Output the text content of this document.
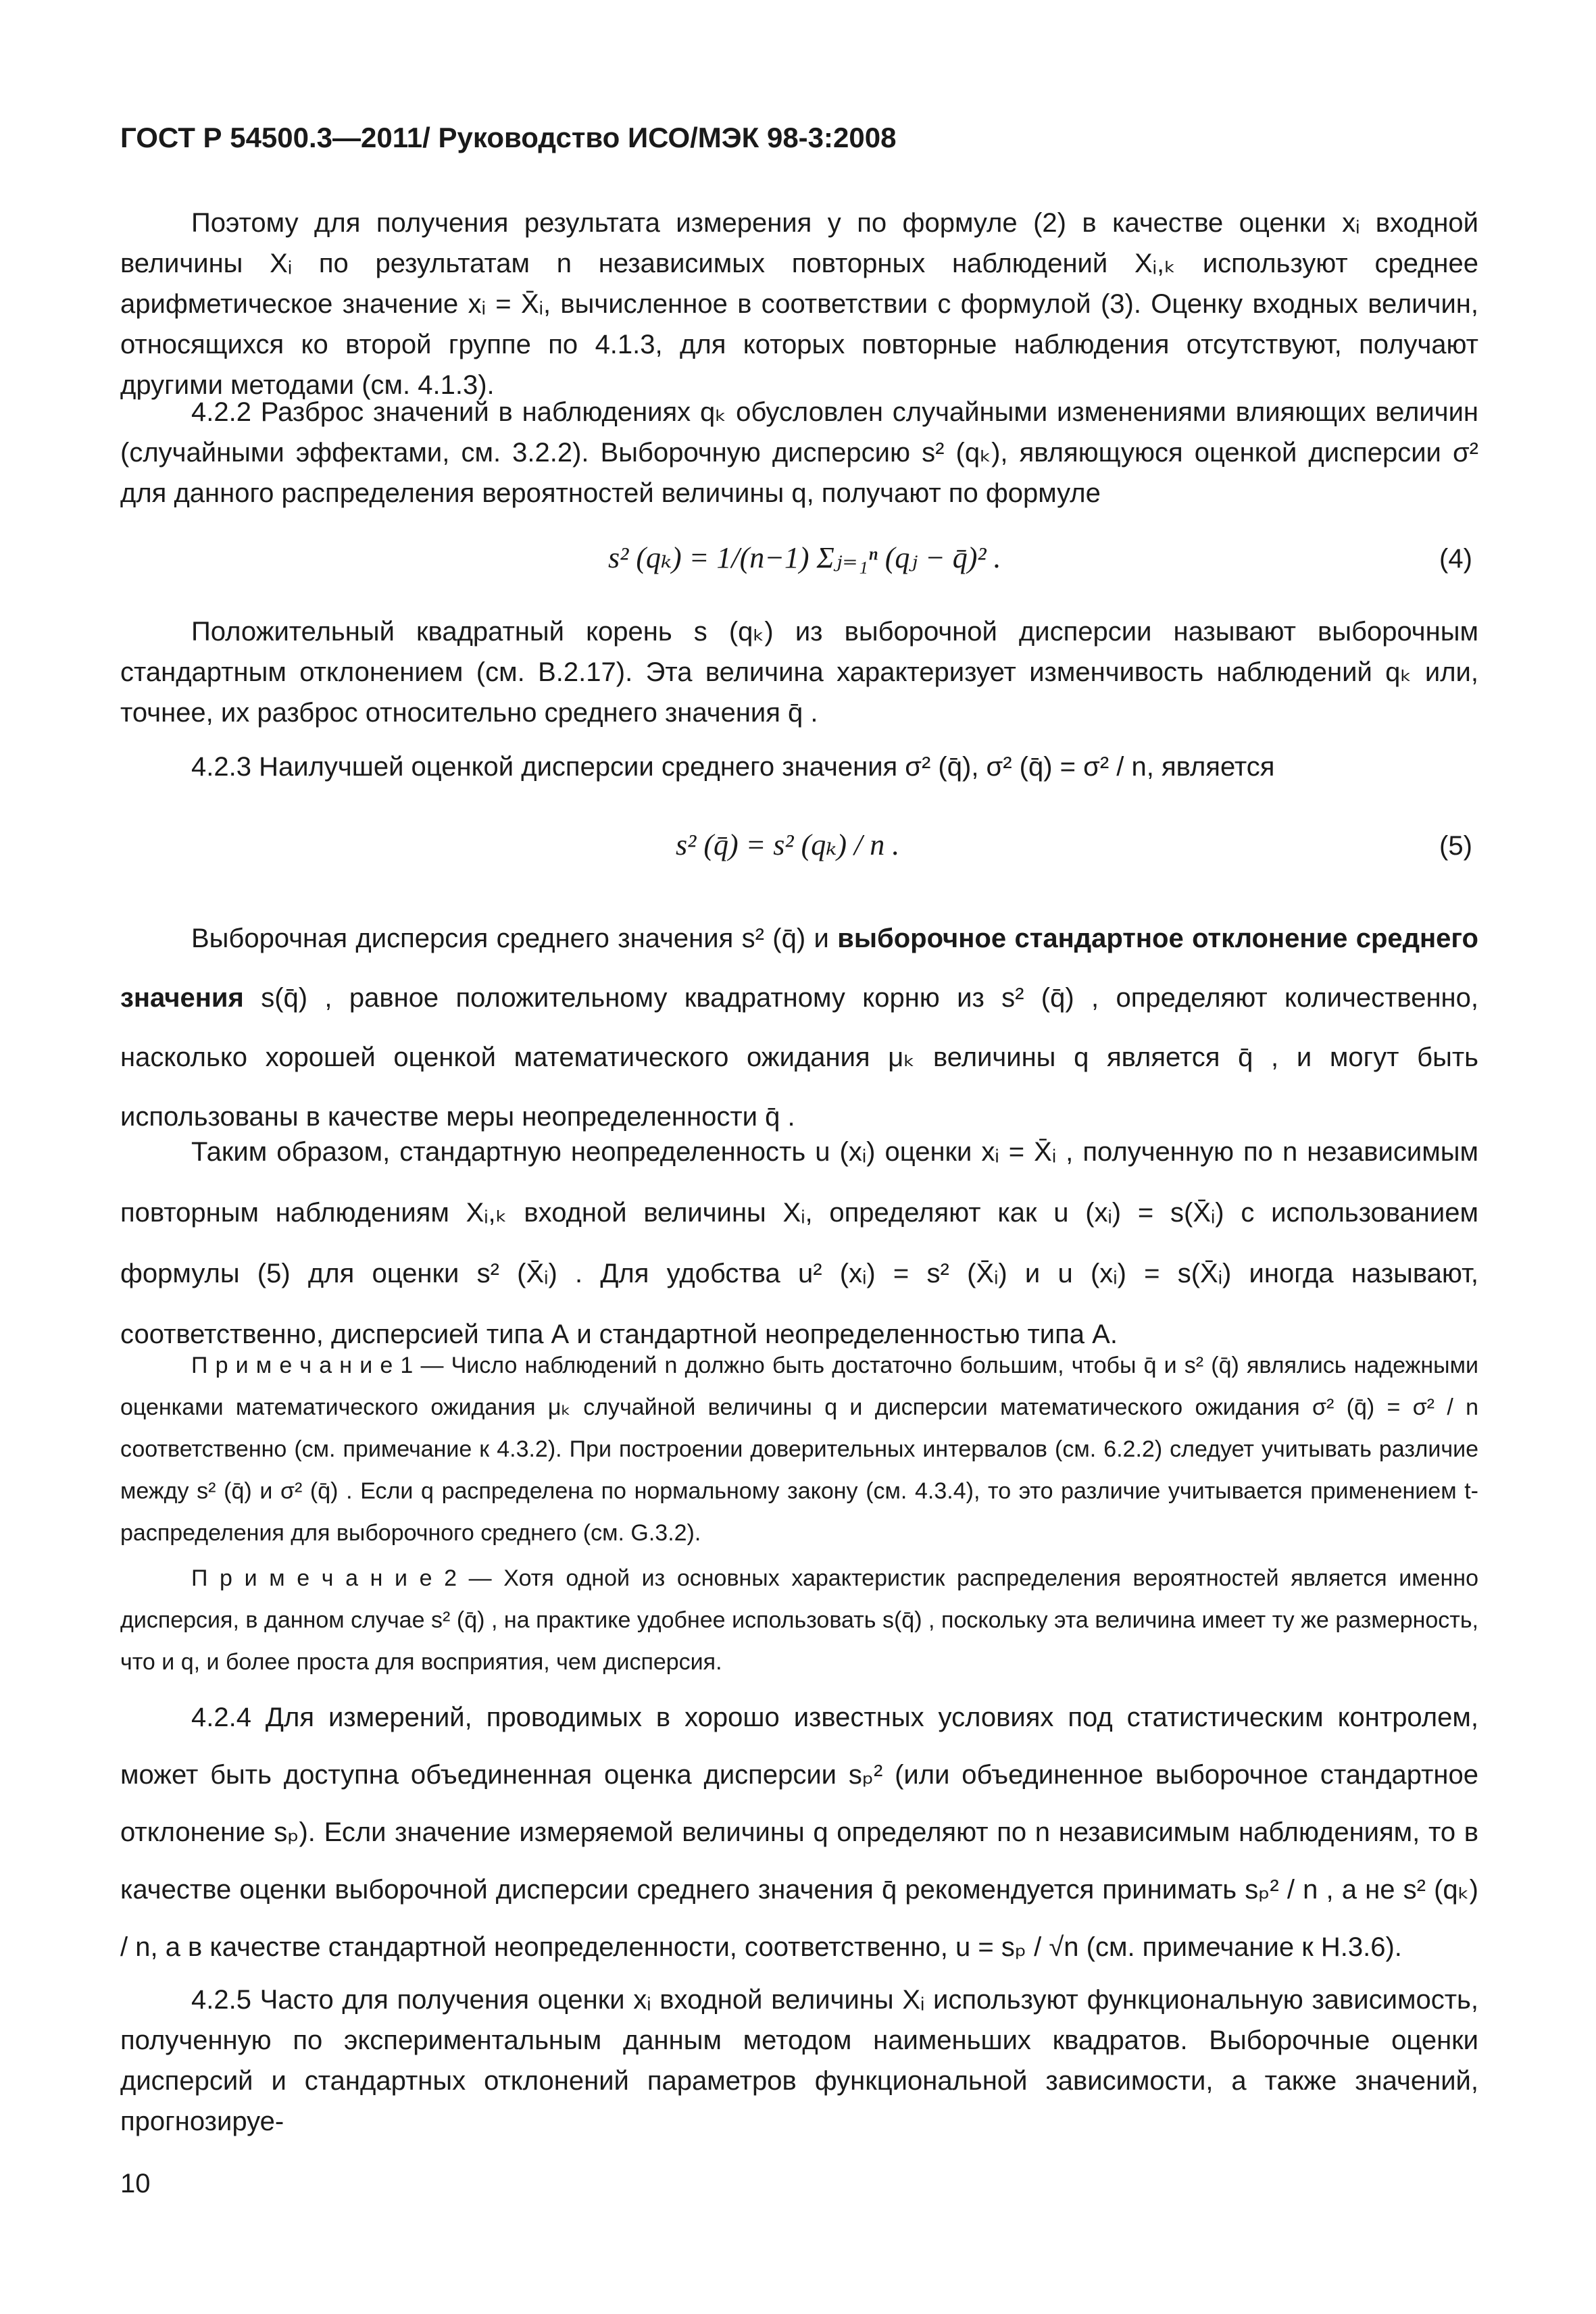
ГОСТ Р 54500.3—2011/ Руководство ИСО/МЭК 98-3:2008
Поэтому для получения результата измерения y по формуле (2) в качестве оценки xᵢ входной величины Xᵢ по результатам n независимых повторных наблюдений Xᵢ,ₖ используют среднее арифметическое значение xᵢ = X̄ᵢ, вычисленное в соответствии с формулой (3). Оценку входных величин, относящихся ко второй группе по 4.1.3, для которых повторные наблюдения отсутствуют, получают другими методами (см. 4.1.3).
4.2.2 Разброс значений в наблюдениях qₖ обусловлен случайными изменениями влияющих величин (случайными эффектами, см. 3.2.2). Выборочную дисперсию s² (qₖ), являющуюся оценкой дисперсии σ² для данного распределения вероятностей величины q, получают по формуле
s² (qₖ) = 1/(n−1) Σⱼ₌₁ⁿ (qⱼ − q̄)² .	(4)
Положительный квадратный корень s (qₖ) из выборочной дисперсии называют выборочным стандартным отклонением (см. В.2.17). Эта величина характеризует изменчивость наблюдений qₖ или, точнее, их разброс относительно среднего значения q̄ .
4.2.3 Наилучшей оценкой дисперсии среднего значения σ² (q̄), σ² (q̄) = σ² / n, является
s² (q̄) = s² (qₖ) / n .	(5)
Выборочная дисперсия среднего значения s² (q̄) и выборочное стандартное отклонение среднего значения s(q̄) , равное положительному квадратному корню из s² (q̄) , определяют количественно, насколько хорошей оценкой математического ожидания μₖ величины q является q̄ , и могут быть использованы в качестве меры неопределенности q̄ .
Таким образом, стандартную неопределенность u (xᵢ) оценки xᵢ = X̄ᵢ , полученную по n независимым повторным наблюдениям Xᵢ,ₖ входной величины Xᵢ, определяют как u (xᵢ) = s(X̄ᵢ) с использованием формулы (5) для оценки s² (X̄ᵢ) . Для удобства u² (xᵢ) = s² (X̄ᵢ) и u (xᵢ) = s(X̄ᵢ) иногда называют, соответственно, дисперсией типа А и стандартной неопределенностью типа А.
П р и м е ч а н и е 1 — Число наблюдений n должно быть достаточно большим, чтобы q̄ и s² (q̄) являлись надежными оценками математического ожидания μₖ случайной величины q и дисперсии математического ожидания σ² (q̄) = σ² / n соответственно (см. примечание к 4.3.2). При построении доверительных интервалов (см. 6.2.2) следует учитывать различие между s² (q̄) и σ² (q̄) . Если q распределена по нормальному закону (см. 4.3.4), то это различие учитывается применением t-распределения для выборочного среднего (см. G.3.2).
П р и м е ч а н и е 2 — Хотя одной из основных характеристик распределения вероятностей является именно дисперсия, в данном случае s² (q̄) , на практике удобнее использовать s(q̄) , поскольку эта величина имеет ту же размерность, что и q, и более проста для восприятия, чем дисперсия.
4.2.4 Для измерений, проводимых в хорошо известных условиях под статистическим контролем, может быть доступна объединенная оценка дисперсии sₚ² (или объединенное выборочное стандартное отклонение sₚ). Если значение измеряемой величины q определяют по n независимым наблюдениям, то в качестве оценки выборочной дисперсии среднего значения q̄ рекомендуется принимать sₚ² / n , а не s² (qₖ) / n, а в качестве стандартной неопределенности, соответственно, u = sₚ / √n (см. примечание к H.3.6).
4.2.5 Часто для получения оценки xᵢ входной величины Xᵢ используют функциональную зависимость, полученную по экспериментальным данным методом наименьших квадратов. Выборочные оценки дисперсий и стандартных отклонений параметров функциональной зависимости, а также значений, прогнозируе-
10
